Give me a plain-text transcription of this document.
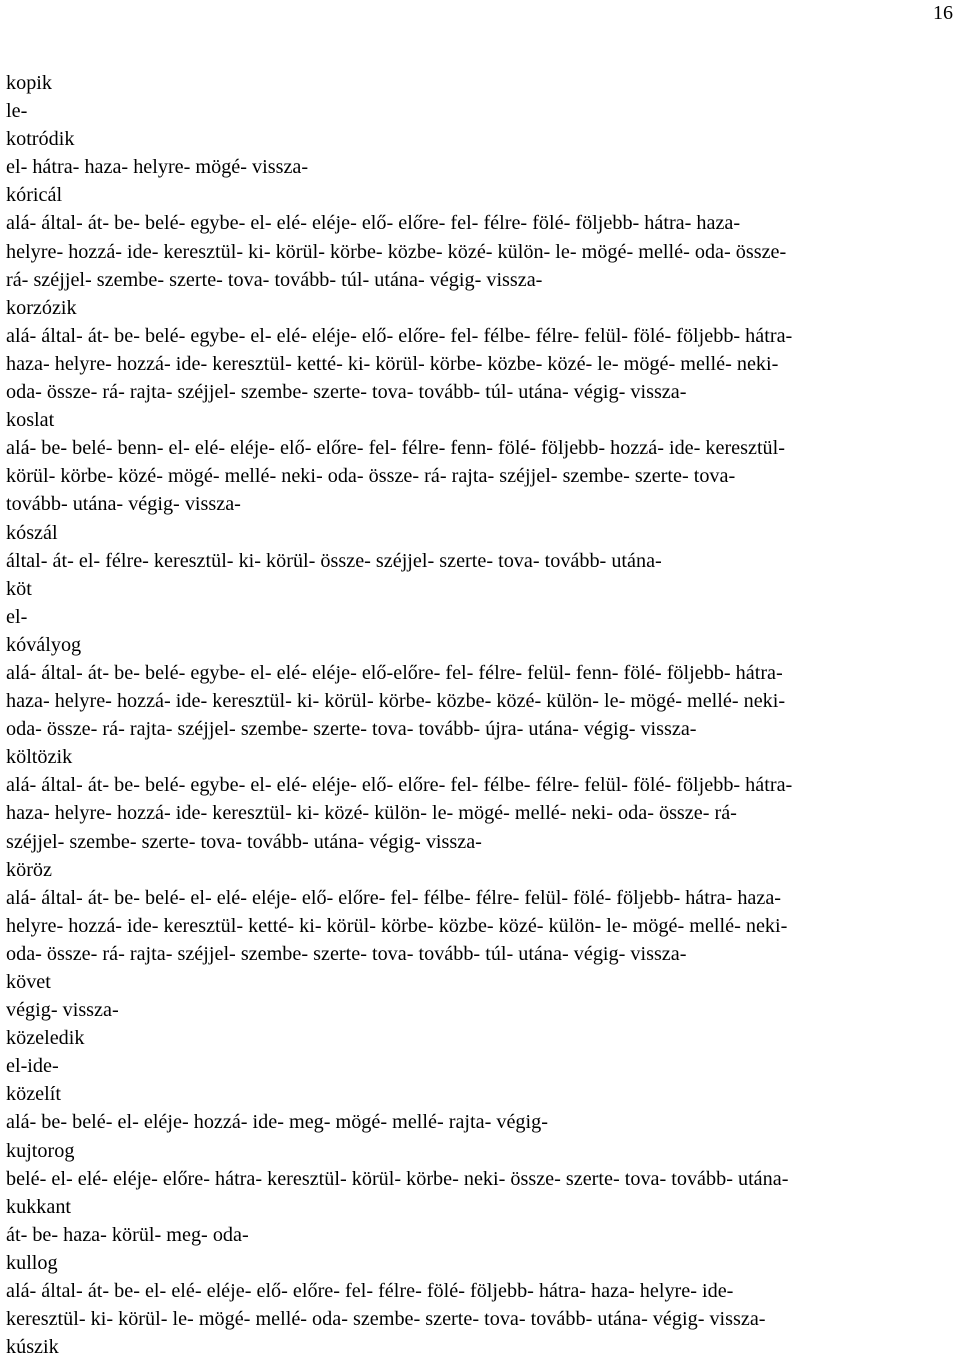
16
kopik
le-
kotródik
el- hátra- haza- helyre- mögé- vissza-
kóricál
alá- által- át- be- belé- egybe- el- elé- eléje- elő- előre- fel- félre- fölé- följebb- hátra- haza-
helyre- hozzá- ide- keresztül- ki- körül- körbe- közbe- közé- külön- le- mögé- mellé- oda- össze-
rá- széjjel- szembe- szerte- tova- tovább- túl- utána- végig- vissza-
korzózik
alá- által- át- be- belé- egybe- el- elé- eléje- elő- előre- fel- félbe- félre- felül- fölé- följebb- hátra-
haza- helyre- hozzá- ide- keresztül- ketté- ki- körül- körbe- közbe- közé- le- mögé- mellé- neki-
oda- össze- rá- rajta- széjjel- szembe- szerte- tova- tovább- túl- utána- végig- vissza-
koslat
alá- be- belé- benn- el- elé- eléje- elő- előre- fel- félre- fenn- fölé- följebb- hozzá- ide- keresztül-
körül- körbe- közé- mögé- mellé- neki- oda- össze- rá- rajta- széjjel- szembe- szerte- tova-
tovább- utána- végig- vissza-
kószál
által- át- el- félre- keresztül- ki- körül- össze- széjjel- szerte- tova- tovább- utána-
köt
el-
kóvályog
alá- által- át- be- belé- egybe- el- elé- eléje- elő-előre- fel- félre- felül- fenn- fölé- följebb- hátra-
haza- helyre- hozzá- ide- keresztül- ki- körül- körbe- közbe- közé- külön- le- mögé- mellé- neki-
oda- össze- rá- rajta- széjjel- szembe- szerte- tova- tovább- újra- utána- végig- vissza-
költözik
alá- által- át- be- belé- egybe- el- elé- eléje- elő- előre- fel- félbe- félre- felül- fölé- följebb- hátra-
haza- helyre- hozzá- ide- keresztül- ki- közé- külön- le- mögé- mellé- neki- oda- össze- rá-
széjjel- szembe- szerte- tova- tovább- utána- végig- vissza-
köröz
alá- által- át- be- belé- el- elé- eléje- elő- előre- fel- félbe- félre- felül- fölé- följebb- hátra- haza-
helyre- hozzá- ide- keresztül- ketté- ki- körül- körbe- közbe- közé- külön- le- mögé- mellé- neki-
oda- össze- rá- rajta- széjjel- szembe- szerte- tova- tovább- túl- utána- végig- vissza-
követ
végig- vissza-
közeledik
el-ide-
közelít
alá- be- belé- el- eléje- hozzá- ide- meg- mögé- mellé- rajta- végig-
kujtorog
belé- el- elé- eléje- előre- hátra- keresztül- körül- körbe- neki- össze- szerte- tova- tovább- utána-
kukkant
át- be- haza- körül- meg- oda-
kullog
alá- által- át- be- el- elé- eléje- elő- előre- fel- félre- fölé- följebb- hátra- haza- helyre- ide-
keresztül- ki- körül- le- mögé- mellé- oda- szembe- szerte- tova- tovább- utána- végig- vissza-
kúszik
